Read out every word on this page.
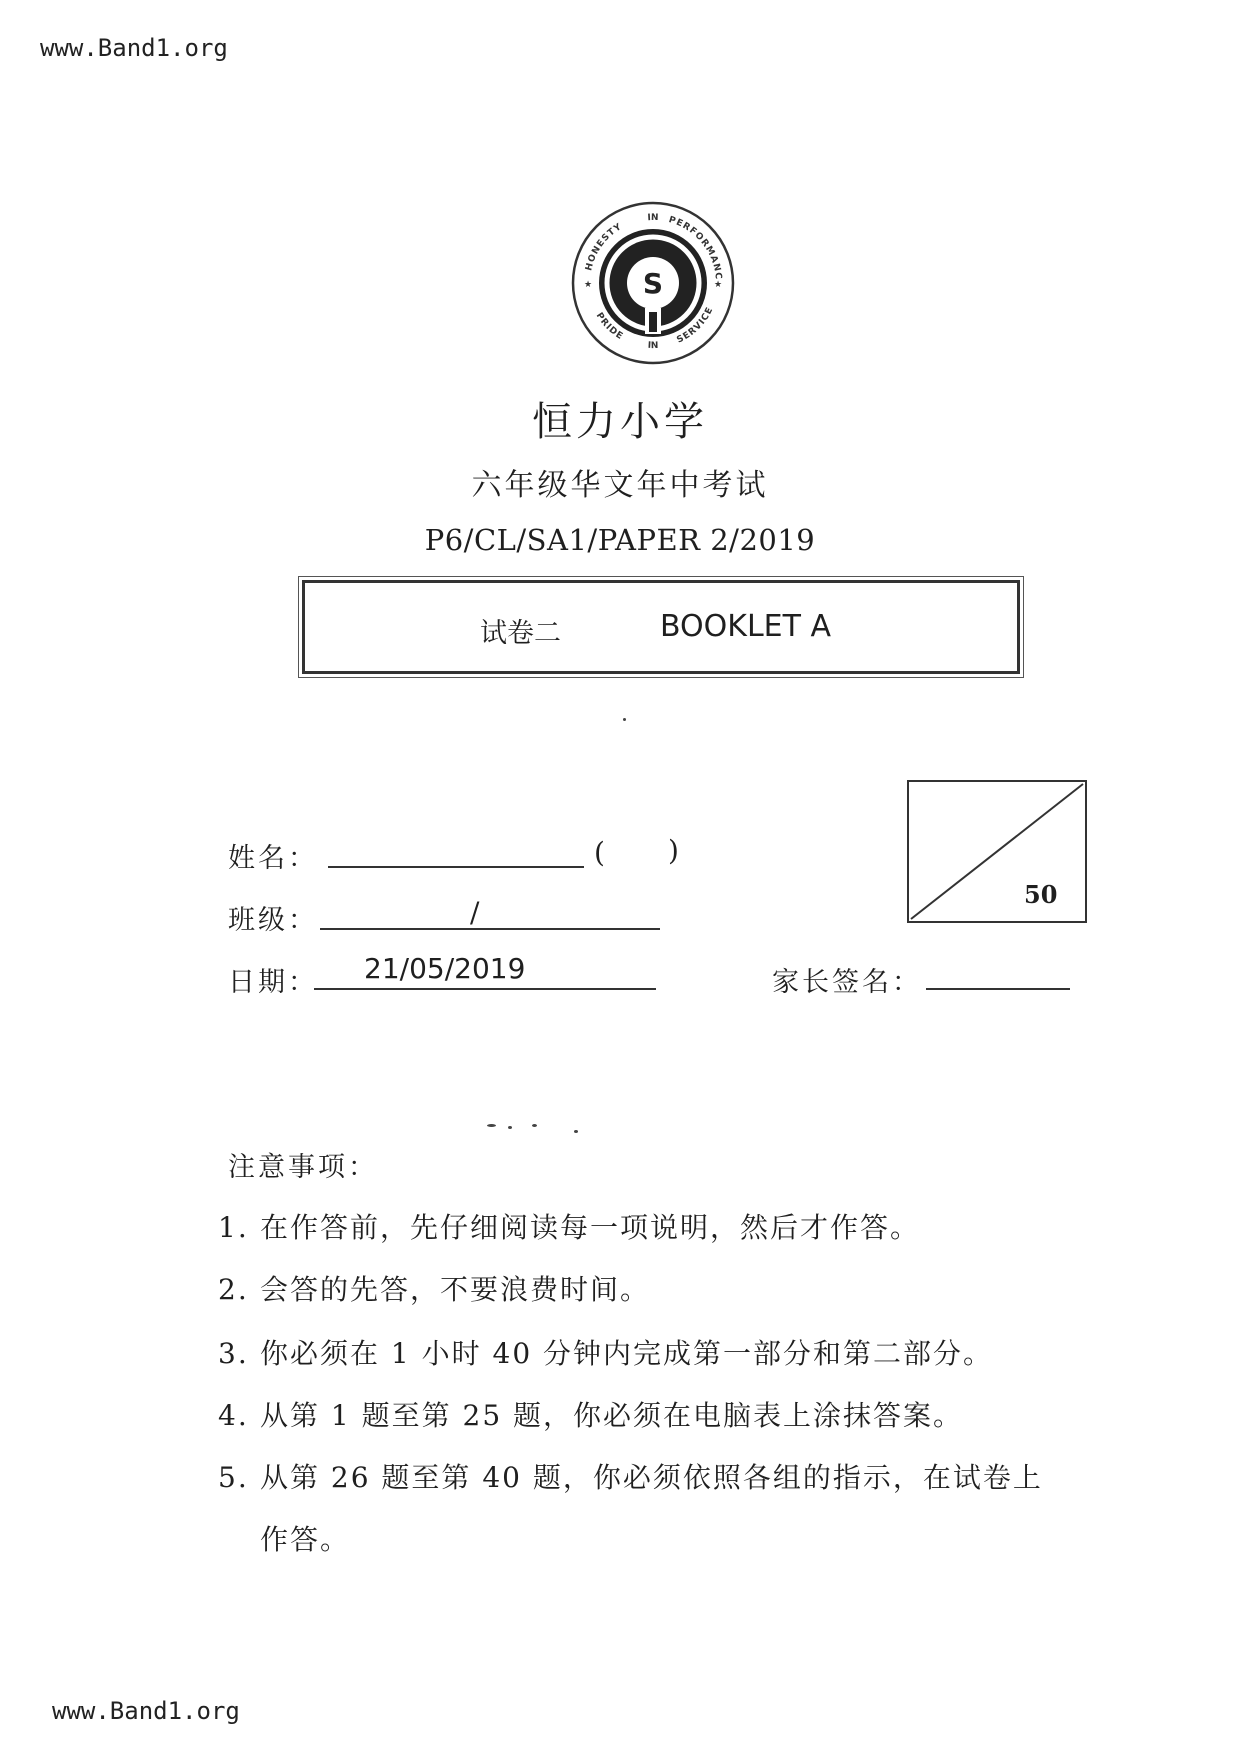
www.Band1.org
www.Band1.org
S
HONESTY
IN PERFORMANC
PRIDE
IN
SERVICE
★	★
恒力小学
六年级华文年中考试
P6/CL/SA1/PAPER 2/2019
试卷二	BOOKLET A
50
姓名：	( )
班级：	/
日期： 21/05/2019	家长签名：
注意事项：
1. 在作答前，先仔细阅读每一项说明，然后才作答。
2. 会答的先答，不要浪费时间。
3. 你必须在 1 小时 40 分钟内完成第一部分和第二部分。
4. 从第 1 题至第 25 题，你必须在电脑表上涂抹答案。
5. 从第 26 题至第 40 题，你必须依照各组的指示，在试卷上
作答。
